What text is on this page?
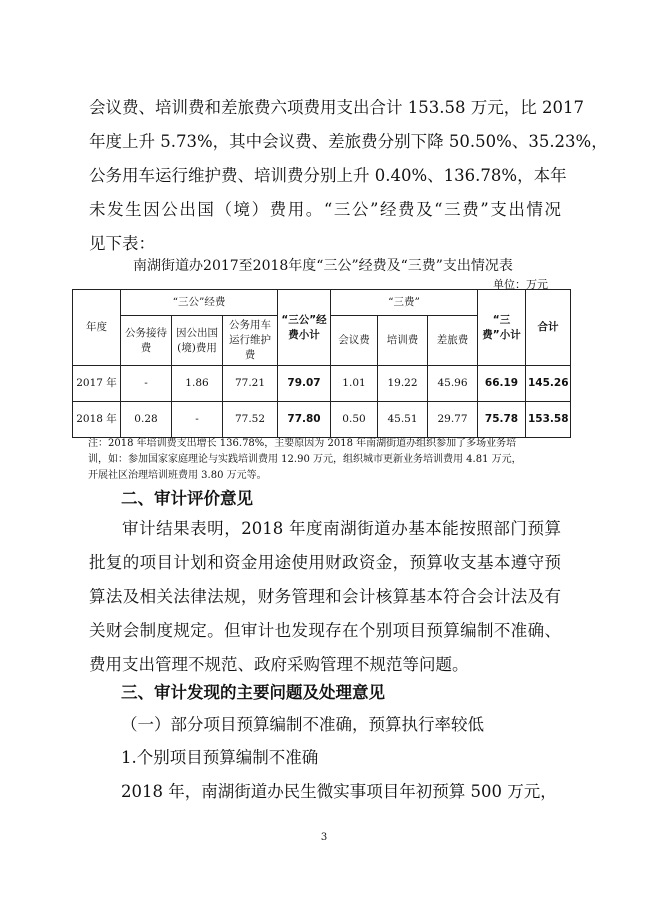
会议费、培训费和差旅费六项费用支出合计 153.58 万元，比 2017
年度上升 5.73%，其中会议费、差旅费分别下降 50.50%、35.23%，
公务用车运行维护费、培训费分别上升 0.40%、136.78%，本年
未发生因公出国（境）费用。“三公”经费及“三费”支出情况
见下表：
南湖街道办2017至2018年度“三公”经费及“三费”支出情况表
单位：万元
年度	“三公”经费			“三公”经费小计	“三费”			“三费”小计	合计
	公务接待费	因公出国(境)费用	公务用车运行维护费		会议费	培训费	差旅费		
2017 年	-	1.86	77.21	79.07	1.01	19.22	45.96	66.19	145.26
2018 年	0.28	-	77.52	77.80	0.50	45.51	29.77	75.78	153.58
注：2018 年培训费支出增长 136.78%，主要原因为 2018 年南湖街道办组织参加了多场业务培
训，如：参加国家家庭理论与实践培训费用 12.90 万元，组织城市更新业务培训费用 4.81 万元，
开展社区治理培训班费用 3.80 万元等。
二、审计评价意见
审计结果表明，2018 年度南湖街道办基本能按照部门预算
批复的项目计划和资金用途使用财政资金，预算收支基本遵守预
算法及相关法律法规，财务管理和会计核算基本符合会计法及有
关财会制度规定。但审计也发现存在个别项目预算编制不准确、
费用支出管理不规范、政府采购管理不规范等问题。
三、审计发现的主要问题及处理意见
（一）部分项目预算编制不准确，预算执行率较低
1.个别项目预算编制不准确
2018 年，南湖街道办民生微实事项目年初预算 500 万元，
3
